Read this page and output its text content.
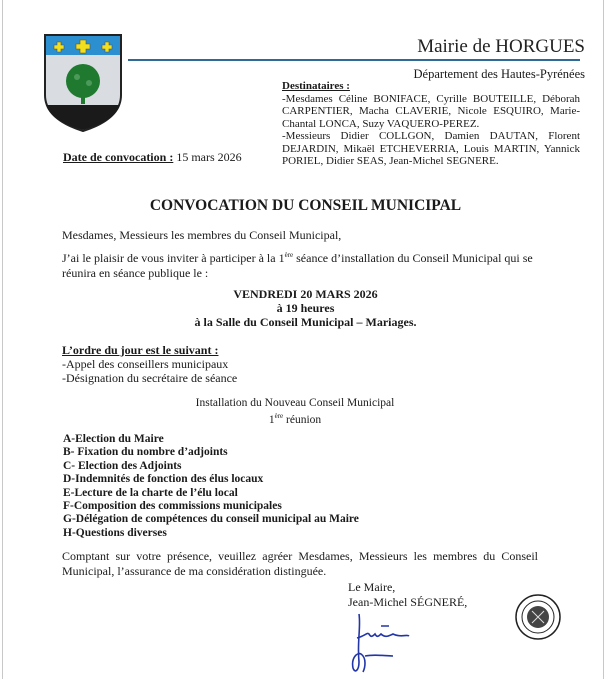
Mairie de HORGUES
Département des Hautes-Pyrénées
Destinataires :
-Mesdames Céline BONIFACE, Cyrille BOUTEILLE, Déborah CARPENTIER, Macha CLAVERIE, Nicole ESQUIRO, Marie-Chantal LONCA, Suzy VAQUERO-PEREZ.
-Messieurs Didier COLLGON, Damien DAUTAN, Florent DEJARDIN, Mikaël ETCHEVERRIA, Louis MARTIN, Yannick PORIEL, Didier SEAS, Jean-Michel SEGNERE.
Date de convocation : 15 mars 2026
CONVOCATION DU CONSEIL MUNICIPAL
Mesdames, Messieurs les membres du Conseil Municipal,
J’ai le plaisir de vous inviter à participer à la 1ère séance d’installation du Conseil Municipal qui se réunira en séance publique le :
VENDREDI 20 MARS 2026
à 19 heures
à la Salle du Conseil Municipal – Mariages.
L’ordre du jour est le suivant :
-Appel des conseillers municipaux
-Désignation du secrétaire de séance
Installation du Nouveau Conseil Municipal
1ère réunion
A-Election du Maire
B- Fixation du nombre d’adjoints
C- Election des Adjoints
D-Indemnités de fonction des élus locaux
E-Lecture de la charte de l’élu local
F-Composition des commissions municipales
G-Délégation de compétences du conseil municipal au Maire
H-Questions diverses
Comptant sur votre présence, veuillez agréer Mesdames, Messieurs les membres du Conseil Municipal, l’assurance de ma considération distinguée.
Le Maire,
Jean-Michel SÉGNERÉ,
